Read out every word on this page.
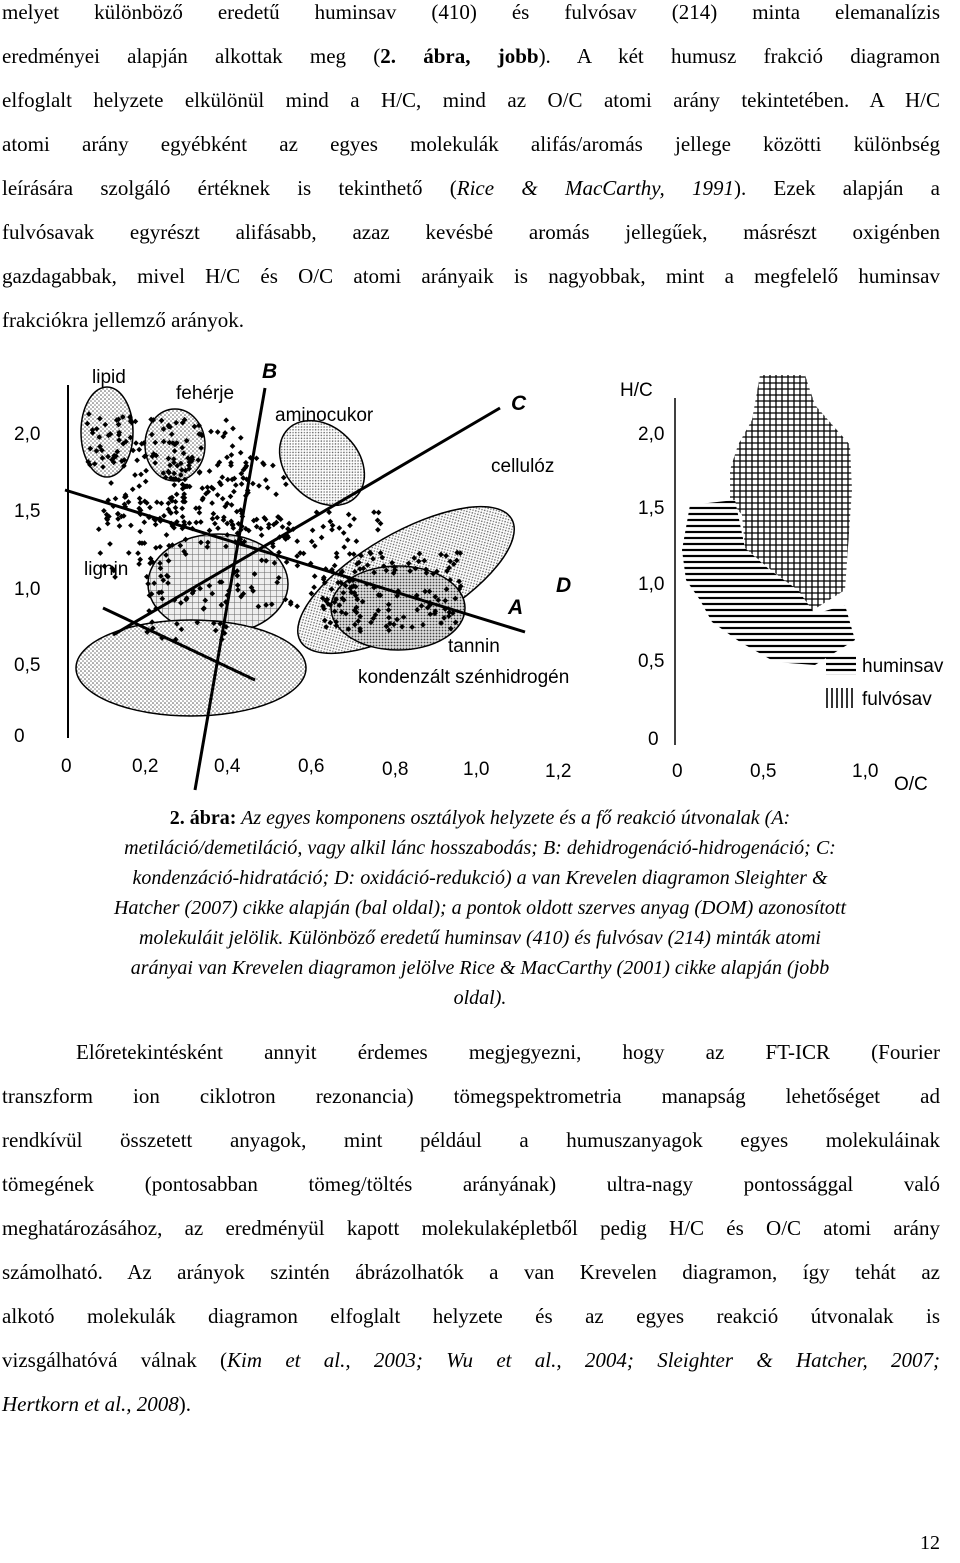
melyet különböző eredetű huminsav (410) és fulvósav (214) minta elemanalízis
eredményei alapján alkottak meg (2. ábra, jobb). A két humusz frakció diagramon
elfoglalt helyzete elkülönül mind a H/C, mind az O/C atomi arány tekintetében. A H/C
atomi arány egyébként az egyes molekulák alifás/aromás jellege közötti különbség
leírására szolgáló értéknek is tekinthető (Rice & MacCarthy, 1991). Ezek alapján a
fulvósavak egyrészt alifásabb, azaz kevésbé aromás jellegűek, másrészt oxigénben
gazdagabbak, mivel H/C és O/C atomi arányaik is nagyobbak, mint a megfelelő huminsav
frakciókra jellemző arányok.
2,0
1,5
1,0
0,5
0
0	0,2	0,4	0,6	0,8	1,0	1,2
lipid
fehérje
aminocukor
cellulóz
lignin
tannin
kondenzált szénhidrogén
B
C
D
A
H/C
2,0
1,5
1,0
0,5
0
0	0,5	1,0
O/C
huminsav
fulvósav
2. ábra: Az egyes komponens osztályok helyzete és a fő reakció útvonalak (A:
metiláció/demetiláció, vagy alkil lánc hosszabodás; B: dehidrogenáció-hidrogenáció; C:
kondenzáció-hidratáció; D: oxidáció-redukció) a van Krevelen diagramon Sleighter &
Hatcher (2007) cikke alapján (bal oldal); a pontok oldott szerves anyag (DOM) azonosított
molekuláit jelölik. Különböző eredetű huminsav (410) és fulvósav (214) minták atomi
arányai van Krevelen diagramon jelölve Rice & MacCarthy (2001) cikke alapján (jobb
oldal).
Előretekintésként annyit érdemes megjegyezni, hogy az FT-ICR (Fourier
transzform ion ciklotron rezonancia) tömegspektrometria manapság lehetőséget ad
rendkívül összetett anyagok, mint például a humuszanyagok egyes molekuláinak
tömegének (pontosabban tömeg/töltés arányának) ultra-nagy pontossággal való
meghatározásához, az eredményül kapott molekulaképletből pedig H/C és O/C atomi arány
számolható. Az arányok szintén ábrázolhatók a van Krevelen diagramon, így tehát az
alkotó molekulák diagramon elfoglalt helyzete és az egyes reakció útvonalak is
vizsgálhatóvá válnak (Kim et al., 2003; Wu et al., 2004; Sleighter & Hatcher, 2007;
Hertkorn et al., 2008).
12
